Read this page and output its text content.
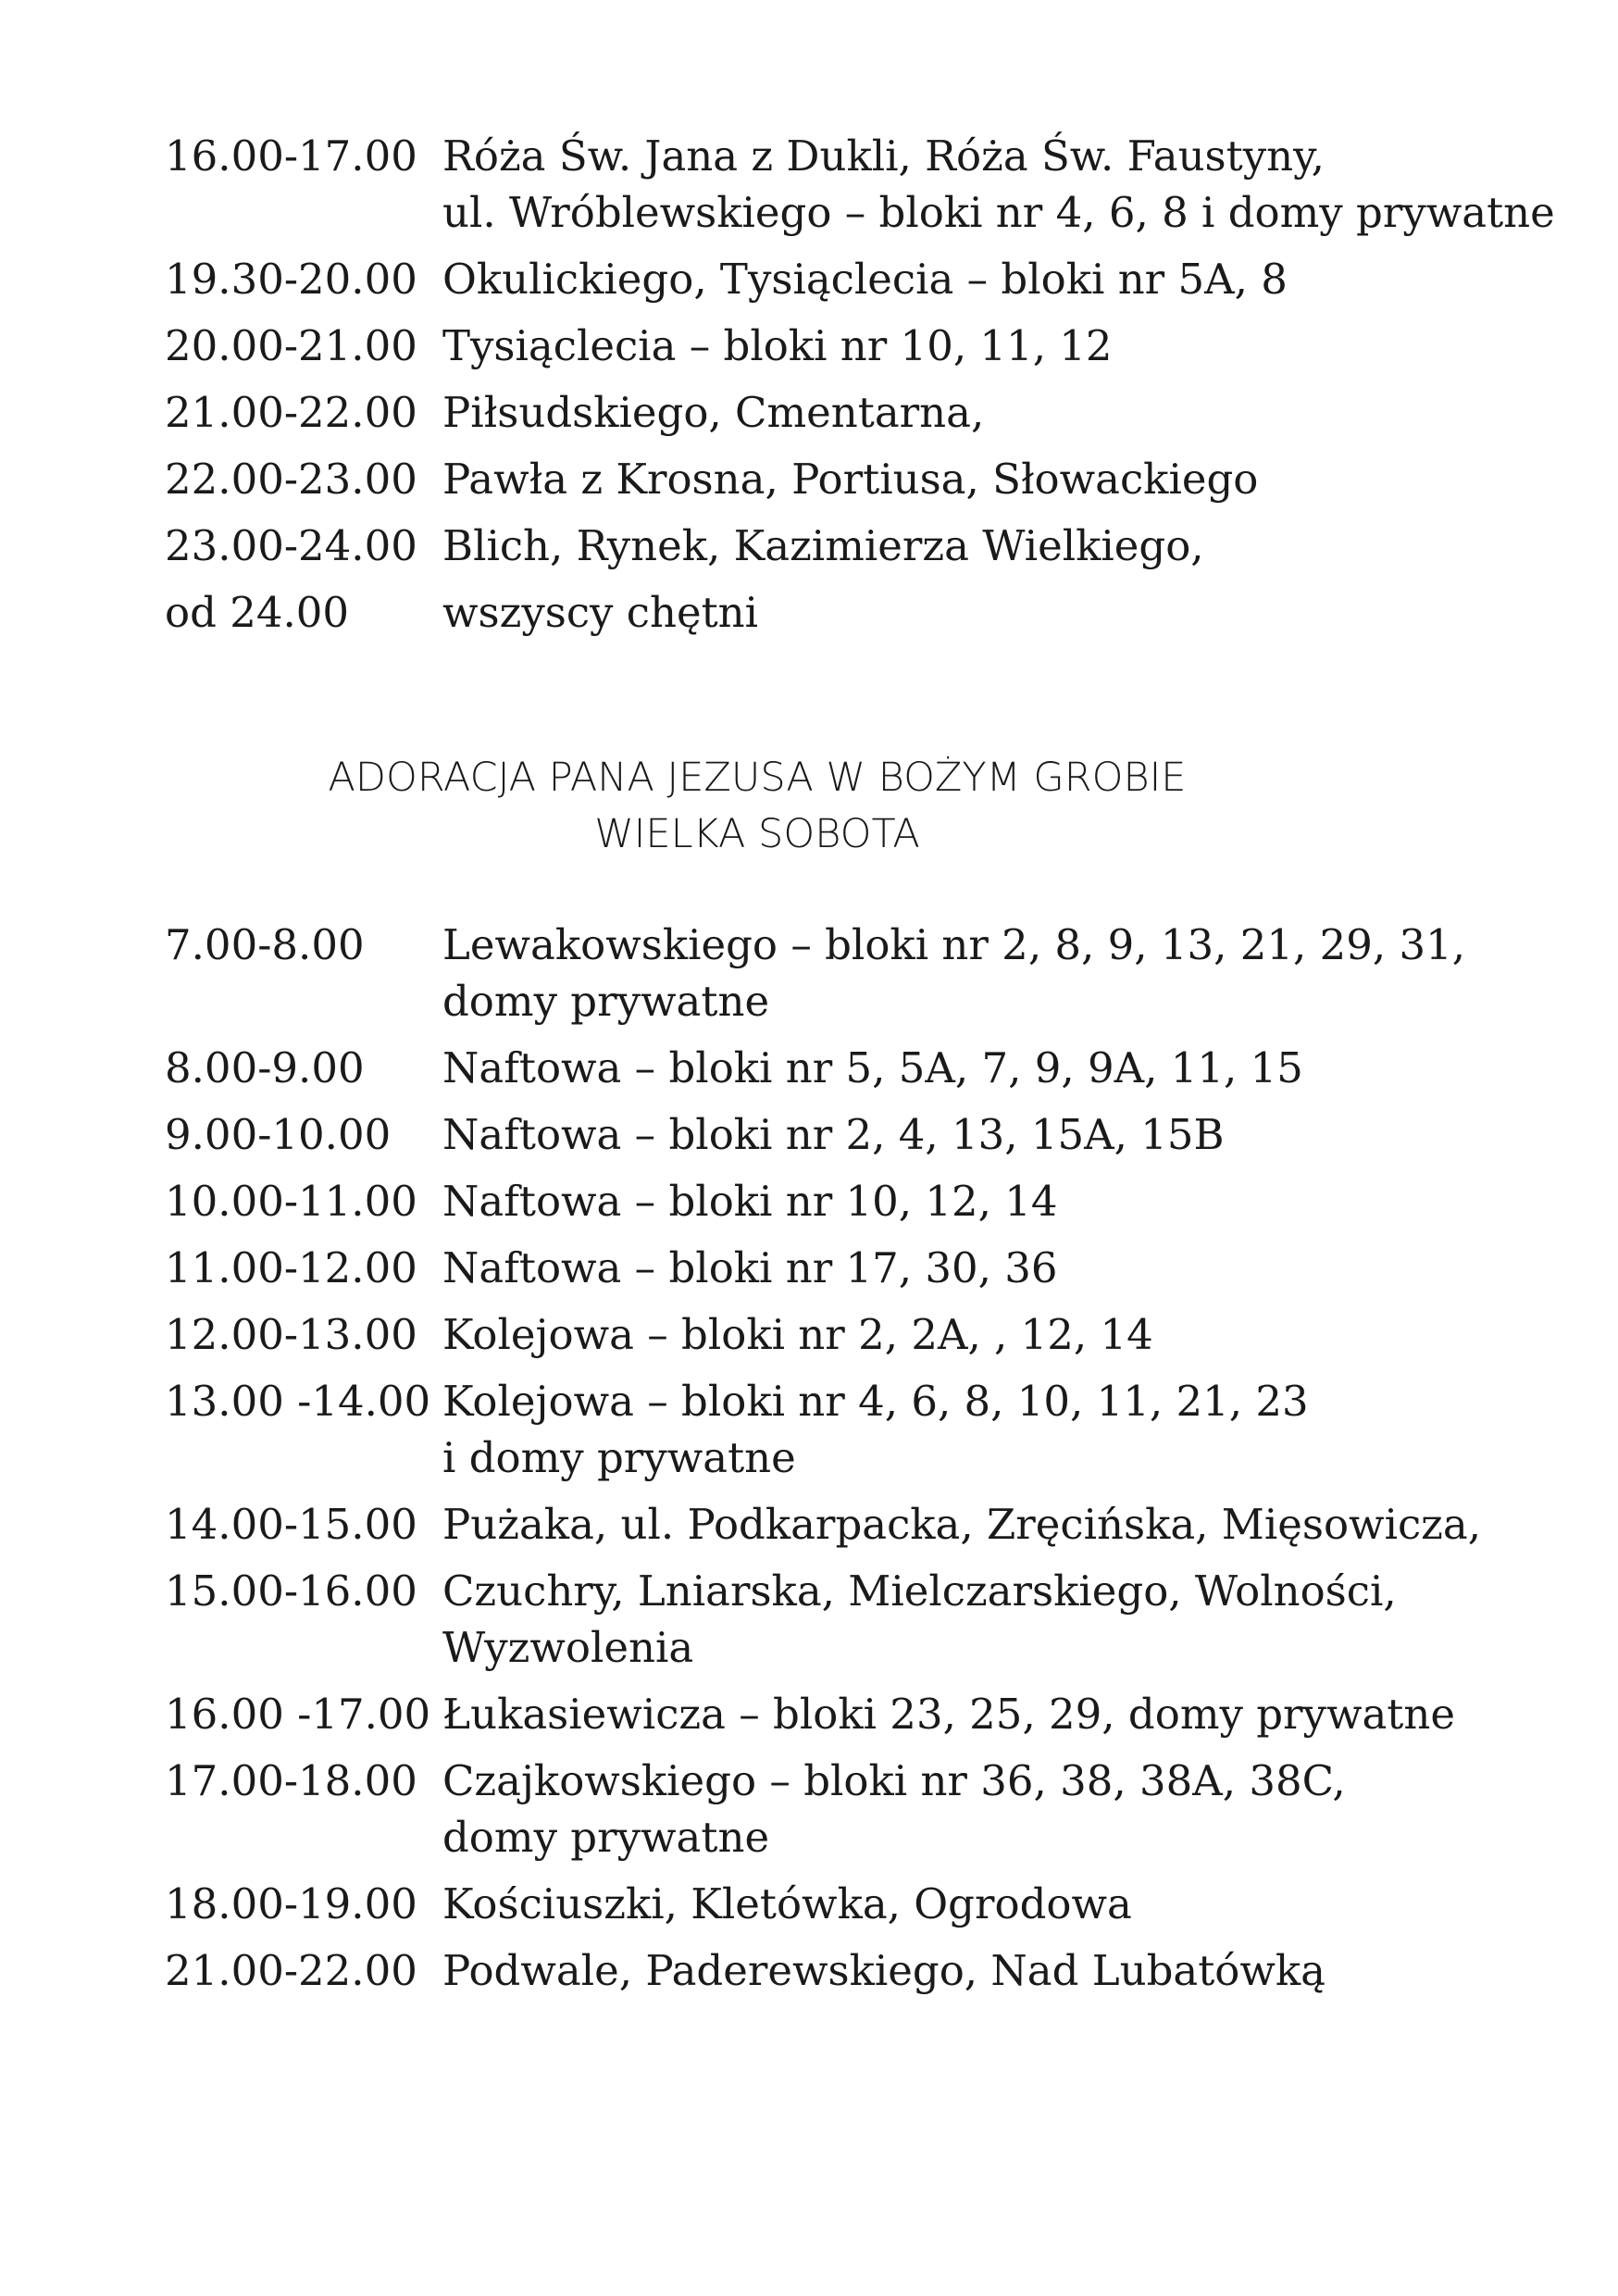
16.00-17.00 Róża Św. Jana z Dukli, Róża Św. Faustyny,
ul. Wróblewskiego – bloki nr 4, 6, 8 i domy prywatne
19.30-20.00 Okulickiego, Tysiąclecia – bloki nr 5A, 8
20.00-21.00 Tysiąclecia – bloki nr 10, 11, 12
21.00-22.00 Piłsudskiego, Cmentarna,
22.00-23.00 Pawła z Krosna, Portiusa, Słowackiego
23.00-24.00 Blich, Rynek, Kazimierza Wielkiego,
od 24.00	wszyscy chętni
ADORACJA PANA JEZUSA W BOŻYM GROBIE
WIELKA SOBOTA
7.00-8.00	Lewakowskiego – bloki nr 2, 8, 9, 13, 21, 29, 31,
domy prywatne
8.00-9.00	Naftowa – bloki nr 5, 5A, 7, 9, 9A, 11, 15
9.00-10.00	Naftowa – bloki nr 2, 4, 13, 15A, 15B
10.00-11.00 Naftowa – bloki nr 10, 12, 14
11.00-12.00 Naftowa – bloki nr 17, 30, 36
12.00-13.00 Kolejowa – bloki nr 2, 2A, , 12, 14
13.00 -14.00 Kolejowa – bloki nr 4, 6, 8, 10, 11, 21, 23
i domy prywatne
14.00-15.00 Pużaka, ul. Podkarpacka, Zręcińska, Mięsowicza,
15.00-16.00 Czuchry, Lniarska, Mielczarskiego, Wolności,
Wyzwolenia
16.00 -17.00 Łukasiewicza – bloki 23, 25, 29, domy prywatne
17.00-18.00 Czajkowskiego – bloki nr 36, 38, 38A, 38C,
domy prywatne
18.00-19.00 Kościuszki, Kletówka, Ogrodowa
21.00-22.00 Podwale, Paderewskiego, Nad Lubatówką
